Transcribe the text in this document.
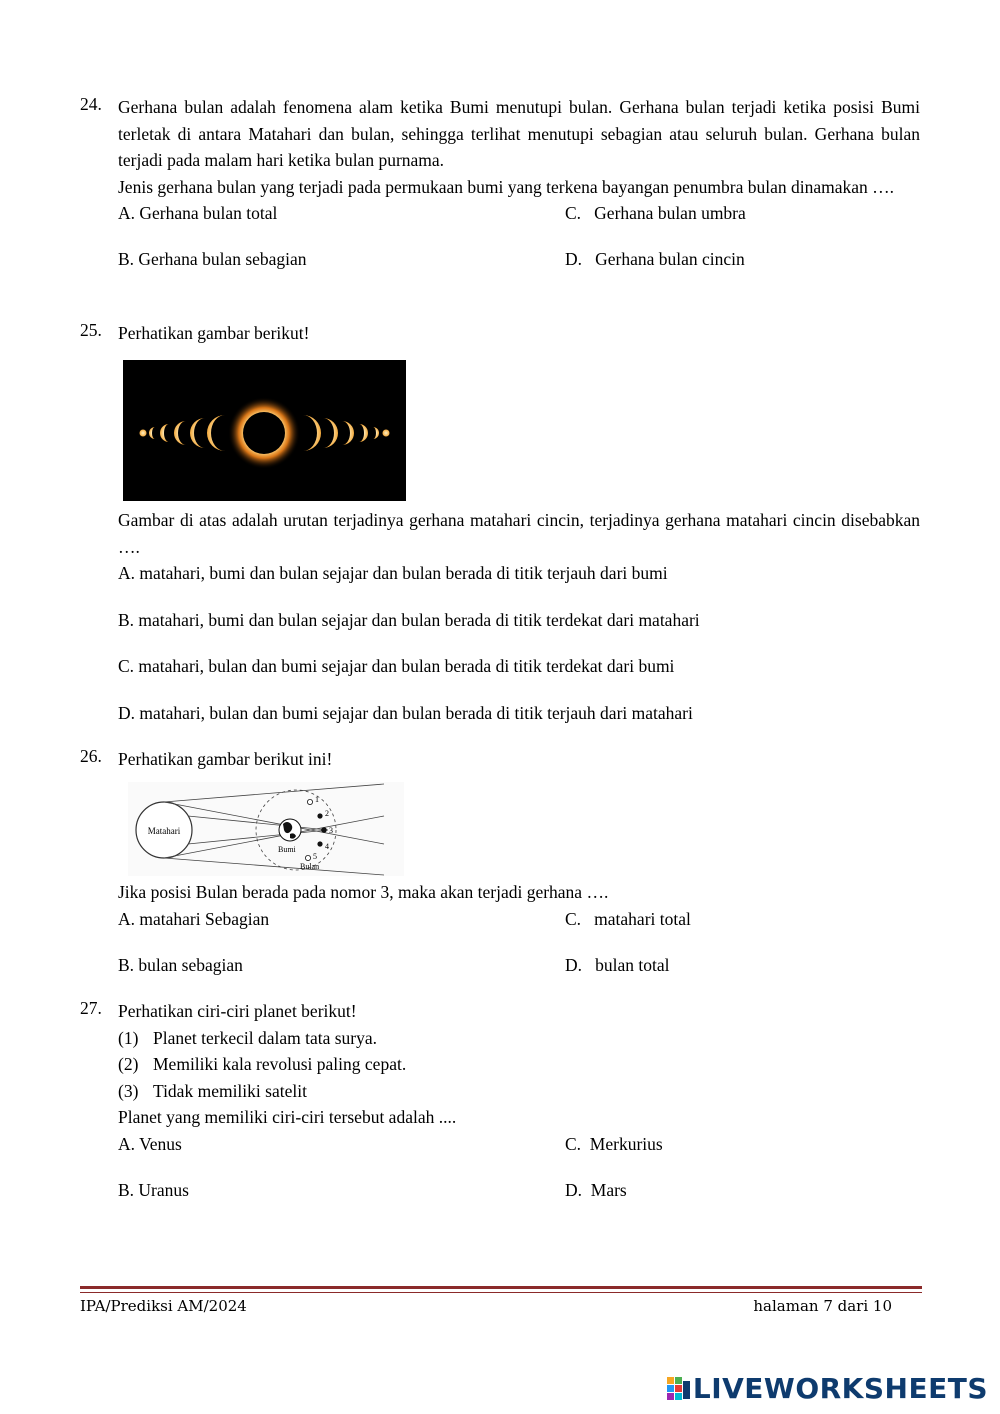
24. Gerhana bulan adalah fenomena alam ketika Bumi menutupi bulan. Gerhana bulan terjadi ketika posisi Bumi terletak di antara Matahari dan bulan, sehingga terlihat menutupi sebagian atau seluruh bulan. Gerhana bulan terjadi pada malam hari ketika bulan purnama.

Jenis gerhana bulan yang terjadi pada permukaan bumi yang terkena bayangan penumbra bulan dinamakan ….

A. Gerhana bulan total	C.   Gerhana bulan umbra
B. Gerhana bulan sebagian	D.   Gerhana bulan cincin
25. Perhatikan gambar berikut!

Gambar di atas adalah urutan terjadinya gerhana matahari cincin, terjadinya gerhana matahari cincin disebabkan ….

A. matahari, bumi dan bulan sejajar dan bulan berada di titik terjauh dari bumi

B. matahari, bumi dan bulan sejajar dan bulan berada di titik terdekat dari matahari

C. matahari, bulan dan bumi sejajar dan bulan berada di titik terdekat dari bumi

D. matahari, bulan dan bumi sejajar dan bulan berada di titik terjauh dari matahari

26. Perhatikan gambar berikut ini!

Matahari
Bumi
1
2
3
4
5
Bulan

Jika posisi Bulan berada pada nomor 3, maka akan terjadi gerhana ….

A. matahari Sebagian	C.   matahari total
B. bulan sebagian	D.   bulan total
27. Perhatikan ciri-ciri planet berikut!

(1) Planet terkecil dalam tata surya.
(2) Memiliki kala revolusi paling cepat.
(3) Tidak memiliki satelit

Planet yang memiliki ciri-ciri tersebut adalah ....

A. Venus	C.  Merkurius
B. Uranus	D.  Mars
IPA/Prediksi AM/2024	halaman 7 dari 10
LIVEWORKSHEETS
